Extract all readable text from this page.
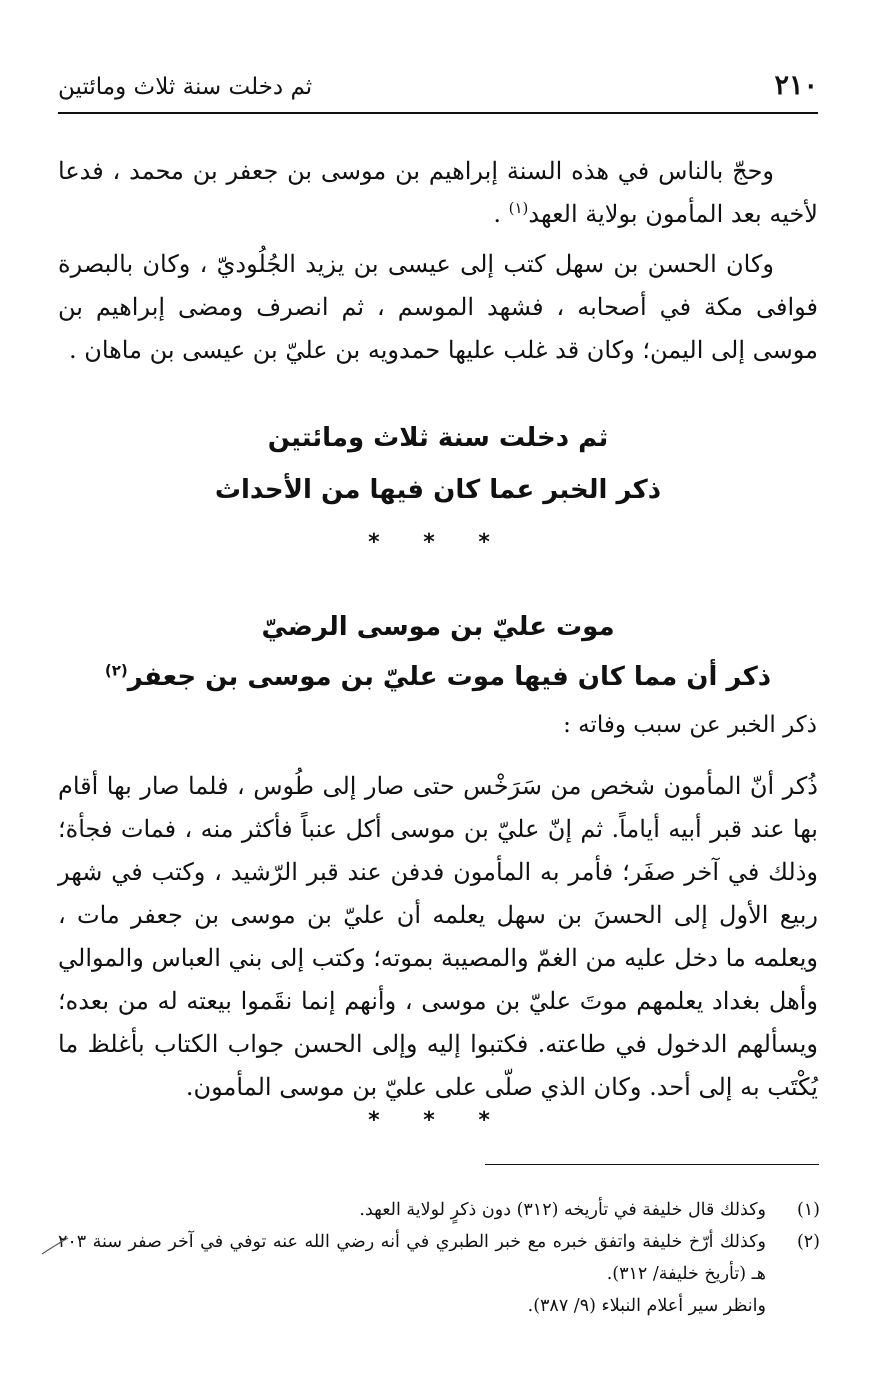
٢١٠
ثم دخلت سنة ثلاث ومائتين
وحجّ بالناس في هذه السنة إبراهيم بن موسى بن جعفر بن محمد ، فدعا لأخيه بعد المأمون بولاية العهد$^{(١)}$ .
وكان الحسن بن سهل كتب إلى عيسى بن يزيد الجُلُوديّ ، وكان بالبصرة فوافى مكة في أصحابه ، فشهد الموسم ، ثم انصرف ومضى إبراهيم بن موسى إلى اليمن؛ وكان قد غلب عليها حمدويه بن عليّ بن عيسى بن ماهان .
ثم دخلت سنة ثلاث ومائتين
ذكر الخبر عما كان فيها من الأحداث
* * *
موت عليّ بن موسى الرضيّ
ذكر أن مما كان فيها موت عليّ بن موسى بن جعفر$^{(٢)}$
ذكر الخبر عن سبب وفاته :
ذُكر أنّ المأمون شخص من سَرَخْس حتى صار إلى طُوس ، فلما صار بها أقام بها عند قبر أبيه أياماً. ثم إنّ عليّ بن موسى أكل عنباً فأكثر منه ، فمات فجأة؛ وذلك في آخر صفَر؛ فأمر به المأمون فدفن عند قبر الرّشيد ، وكتب في شهر ربيع الأول إلى الحسنَ بن سهل يعلمه أن عليّ بن موسى بن جعفر مات ، ويعلمه ما دخل عليه من الغمّ والمصيبة بموته؛ وكتب إلى بني العباس والموالي وأهل بغداد يعلمهم موتَ عليّ بن موسى ، وأنهم إنما نقَموا بيعته له من بعده؛ ويسألهم الدخول في طاعته. فكتبوا إليه وإلى الحسن جواب الكتاب بأغلظ ما يُكْتَب به إلى أحد. وكان الذي صلّى على عليّ بن موسى المأمون.
* * *
(١)
وكذلك قال خليفة في تأريخه (٣١٢) دون ذكرٍ لولاية العهد.
(٢)
وكذلك أرّخ خليفة واتفق خبره مع خبر الطبري في أنه رضي الله عنه توفي في آخر صفر سنة ٢٠٣ هـ (تأريخ خليفة/ ٣١٢).
وانظر سير أعلام النبلاء (٩/ ٣٨٧).
